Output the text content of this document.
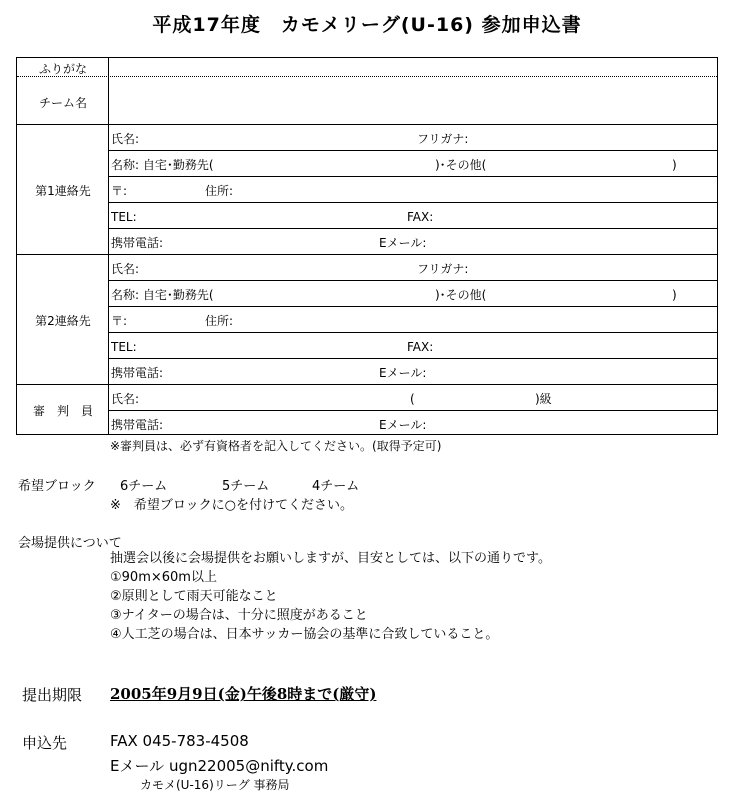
平成17年度　カモメリーグ(U-16) 参加申込書
ふりがな
チーム名
第1連絡先
氏名:	フリガナ:
名称: 自宅･勤務先(	)･その他(	)
〒:	住所:
TEL:	FAX:
携帯電話:	Eメール:
第2連絡先
氏名:	フリガナ:
名称: 自宅･勤務先(	)･その他(	)
〒:	住所:
TEL:	FAX:
携帯電話:	Eメール:
審　判　員
氏名:	(	)級
携帯電話:	Eメール:
※審判員は、必ず有資格者を記入してください。(取得予定可)
希望ブロック 6チーム	5チーム	4チーム
※　希望ブロックに○を付けてください。
会場提供について
抽選会以後に会場提供をお願いしますが、目安としては、以下の通りです。
①90m×60m以上
②原則として雨天可能なこと
③ナイターの場合は、十分に照度があること
④人工芝の場合は、日本サッカー協会の基準に合致していること。
提出期限 2005年9月9日(金)午後8時まで(厳守)
申込先	FAX 045-783-4508
Eメール ugn22005@nifty.com
カモメ(U-16)リーグ 事務局
